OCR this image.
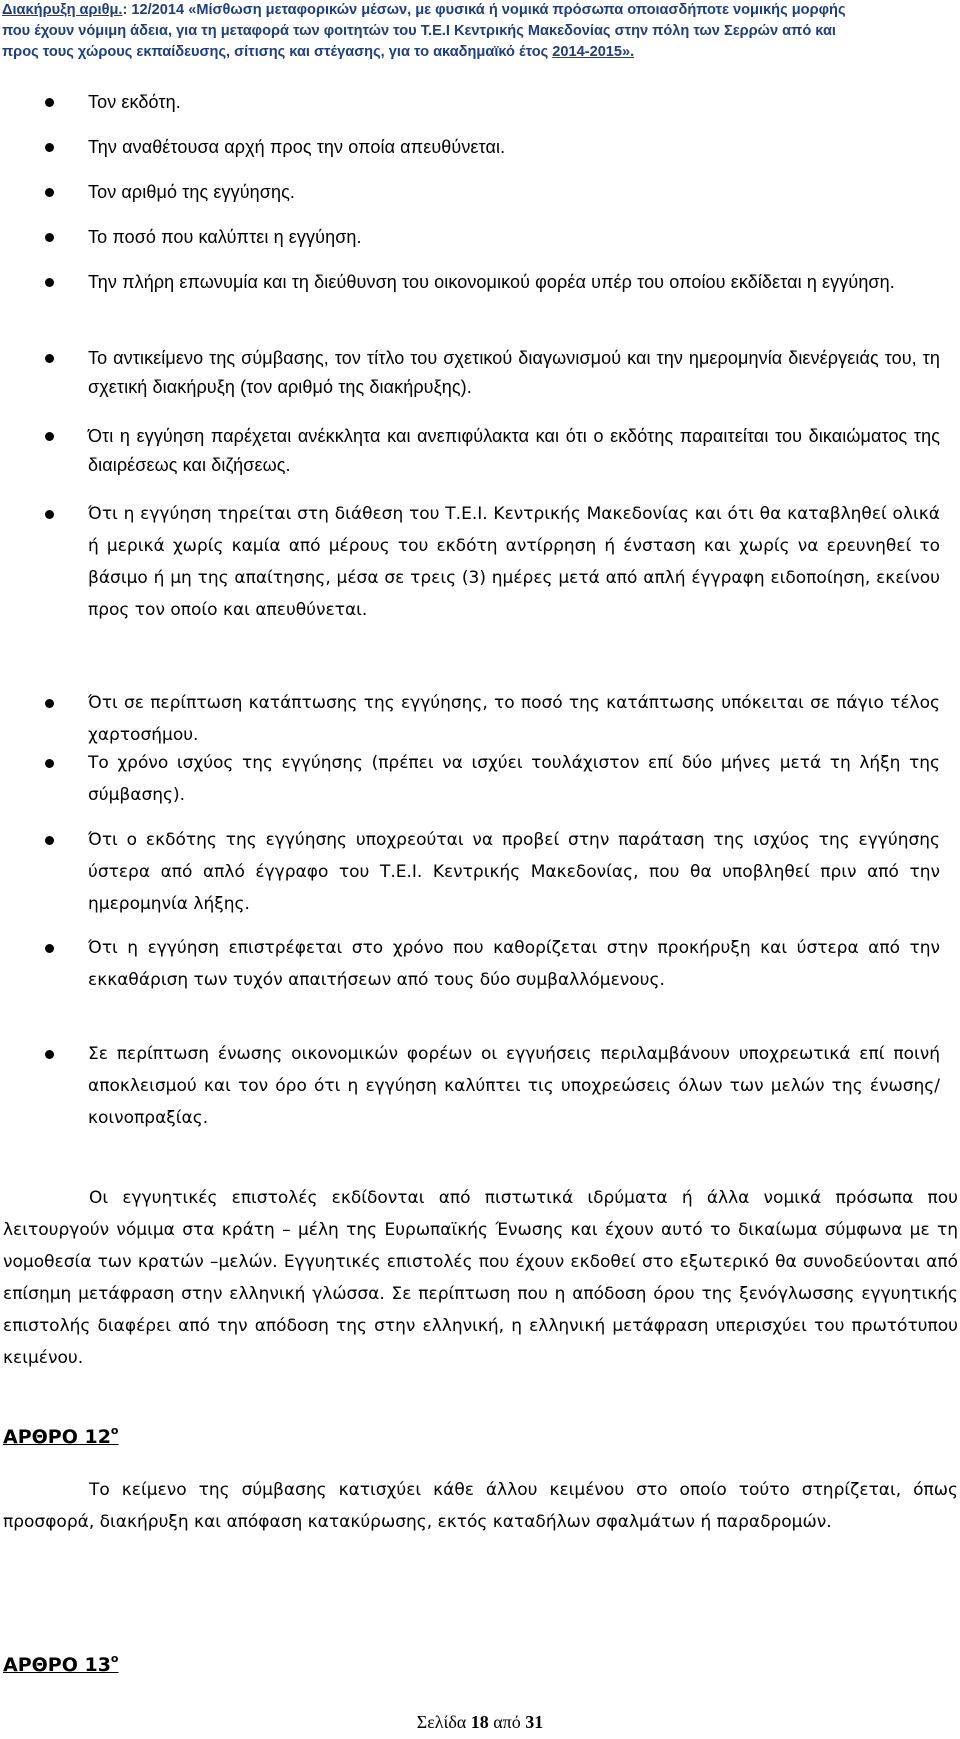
Διακήρυξη αριθμ.: 12/2014 «Μίσθωση μεταφορικών μέσων, με φυσικά ή νομικά πρόσωπα οποιασδήποτε νομικής μορφής
που έχουν νόμιμη άδεια, για τη μεταφορά των φοιτητών του Τ.Ε.Ι Κεντρικής Μακεδονίας στην πόλη των Σερρών από και
προς τους χώρους εκπαίδευσης, σίτισης και στέγασης, για το ακαδημαϊκό έτος 2014-2015».
Τον εκδότη.
Την αναθέτουσα αρχή προς την οποία απευθύνεται.
Τον αριθμό της εγγύησης.
Το ποσό που καλύπτει η εγγύηση.
Την πλήρη επωνυμία και τη διεύθυνση του οικονομικού φορέα υπέρ του οποίου εκδίδεται η εγγύηση.
Το αντικείμενο της σύμβασης, τον τίτλο του σχετικού διαγωνισμού και την ημερομηνία διενέργειάς του, τη σχετική διακήρυξη (τον αριθμό της διακήρυξης).
Ότι η εγγύηση παρέχεται ανέκκλητα και ανεπιφύλακτα και ότι ο εκδότης παραιτείται του δικαιώματος της διαιρέσεως και διζήσεως.
Ότι η εγγύηση τηρείται στη διάθεση του Τ.Ε.Ι. Κεντρικής Μακεδονίας και ότι θα καταβληθεί ολικά ή μερικά χωρίς καμία από μέρους του εκδότη αντίρρηση ή ένσταση και χωρίς να ερευνηθεί το βάσιμο ή μη της απαίτησης, μέσα σε τρεις (3) ημέρες μετά από απλή έγγραφη ειδοποίηση, εκείνου προς τον οποίο και απευθύνεται.
Ότι σε περίπτωση κατάπτωσης της εγγύησης, το ποσό της κατάπτωσης υπόκειται σε πάγιο τέλος χαρτοσήμου.
Το χρόνο ισχύος της εγγύησης (πρέπει να ισχύει τουλάχιστον επί δύο μήνες μετά τη λήξη της σύμβασης).
Ότι ο εκδότης της εγγύησης υποχρεούται να προβεί στην παράταση της ισχύος της εγγύησης ύστερα από απλό έγγραφο του Τ.Ε.Ι. Κεντρικής Μακεδονίας, που θα υποβληθεί πριν από την ημερομηνία λήξης.
Ότι η εγγύηση επιστρέφεται στο χρόνο που καθορίζεται στην προκήρυξη και ύστερα από την εκκαθάριση των τυχόν απαιτήσεων από τους δύο συμβαλλόμενους.
Σε περίπτωση ένωσης οικονομικών φορέων οι εγγυήσεις περιλαμβάνουν υποχρεωτικά επί ποινή αποκλεισμού και τον όρο ότι η εγγύηση καλύπτει τις υποχρεώσεις όλων των μελών της ένωσης/κοινοπραξίας.
Οι εγγυητικές επιστολές εκδίδονται από πιστωτικά ιδρύματα ή άλλα νομικά πρόσωπα που λειτουργούν νόμιμα στα κράτη – μέλη της Ευρωπαϊκής Ένωσης και έχουν αυτό το δικαίωμα σύμφωνα με τη νομοθεσία των κρατών –μελών. Εγγυητικές επιστολές που έχουν εκδοθεί στο εξωτερικό θα συνοδεύονται από επίσημη μετάφραση στην ελληνική γλώσσα. Σε περίπτωση που η απόδοση όρου της ξενόγλωσσης εγγυητικής επιστολής διαφέρει από την απόδοση της στην ελληνική, η ελληνική μετάφραση υπερισχύει του πρωτότυπου κειμένου.
ΑΡΘΡΟ $12^o$
Το κείμενο της σύμβασης κατισχύει κάθε άλλου κειμένου στο οποίο τούτο στηρίζεται, όπως προσφορά, διακήρυξη και απόφαση κατακύρωσης, εκτός καταδήλων σφαλμάτων ή παραδρομών.
ΑΡΘΡΟ $13^o$
Σελίδα 18 από 31
